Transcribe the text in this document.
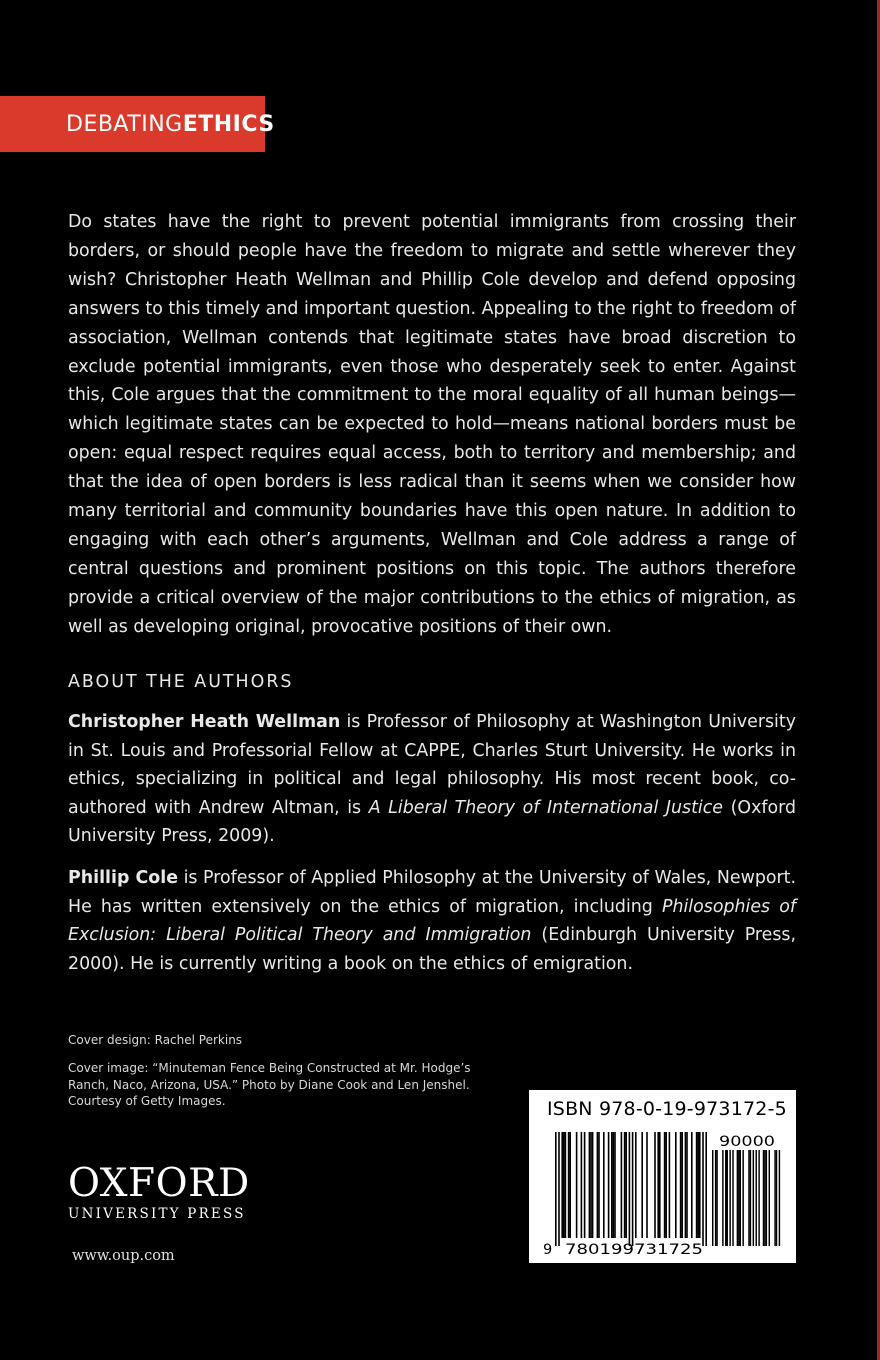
DEBATING ETHICS

Do states have the right to prevent potential immigrants from crossing their borders, or should people have the freedom to migrate and settle wherever they wish? Christopher Heath Wellman and Phillip Cole develop and defend opposing answers to this timely and important question. Appealing to the right to freedom of association, Wellman contends that legitimate states have broad discretion to exclude potential immigrants, even those who desperately seek to enter. Against this, Cole argues that the commitment to the moral equality of all human beings—which legitimate states can be expected to hold—means national borders must be open: equal respect requires equal access, both to territory and membership; and that the idea of open borders is less radical than it seems when we consider how many territorial and community boundaries have this open nature. In addition to engaging with each other’s arguments, Wellman and Cole address a range of central questions and prominent positions on this topic. The authors therefore provide a critical overview of the major contributions to the ethics of migration, as well as developing original, provocative positions of their own.

ABOUT THE AUTHORS

Christopher Heath Wellman is Professor of Philosophy at Washington University in St. Louis and Professorial Fellow at CAPPE, Charles Sturt University. He works in ethics, specializing in political and legal philosophy. His most recent book, co-authored with Andrew Altman, is A Liberal Theory of International Justice (Oxford University Press, 2009).

Phillip Cole is Professor of Applied Philosophy at the University of Wales, Newport. He has written extensively on the ethics of migration, including Philosophies of Exclusion: Liberal Political Theory and Immigration (Edinburgh University Press, 2000). He is currently writing a book on the ethics of emigration.

Cover design: Rachel Perkins

Cover image: “Minuteman Fence Being Constructed at Mr. Hodge’s Ranch, Naco, Arizona, USA.” Photo by Diane Cook and Len Jenshel. Courtesy of Getty Images.

OXFORD
UNIVERSITY PRESS
www.oup.com
ISBN 978-0-19-973172-5
9 780199731725
90000
